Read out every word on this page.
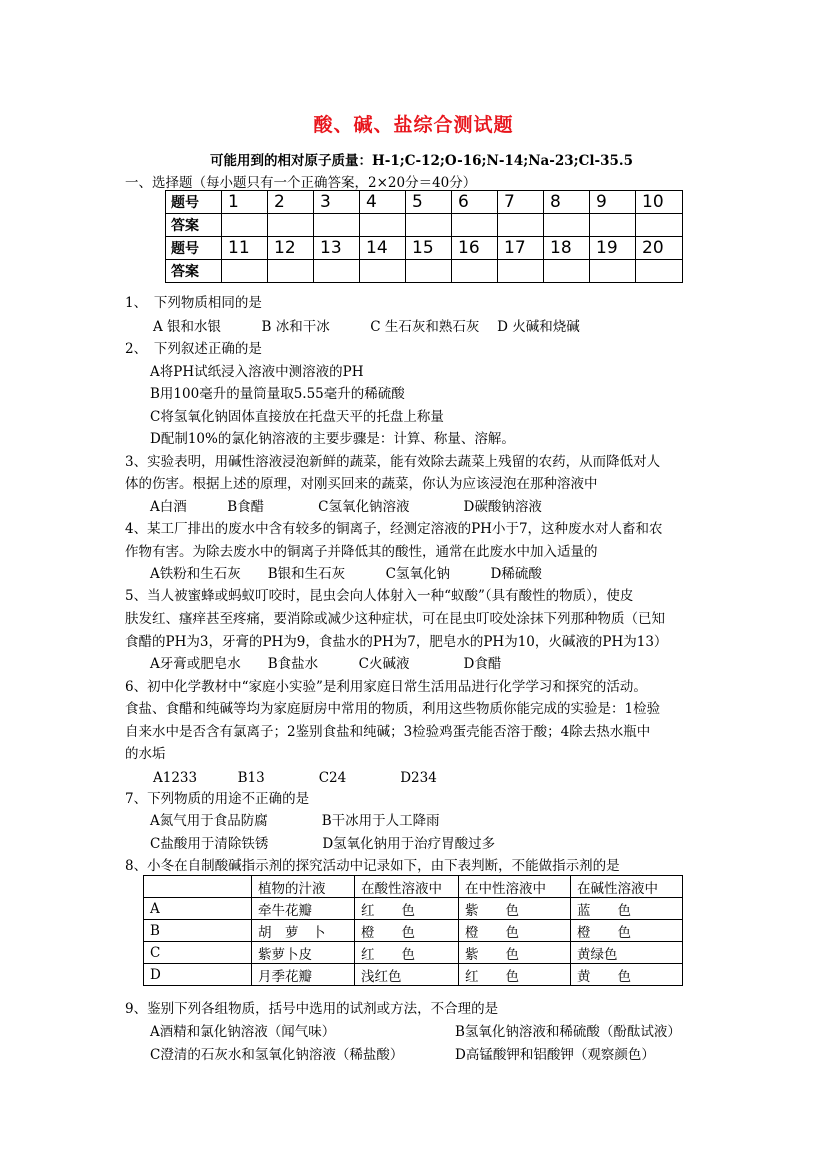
酸、碱、盐综合测试题
可能用到的相对原子质量：H-1;C-12;O-16;N-14;Na-23;Cl-35.5
一、选择题（每小题只有一个正确答案，2×20分＝40分）
题号	1	2	3	4	5	6	7	8	9	10
答案										
题号	11	12	13	14	15	16	17	18	19	20
答案										
1、　下列物质相同的是
A 银和水银　　　B 冰和干冰　　　C 生石灰和熟石灰　 D 火碱和烧碱
2、　下列叙述正确的是
A将PH试纸浸入溶液中测溶液的PH
B用100毫升的量筒量取5.55毫升的稀硫酸
C将氢氧化钠固体直接放在托盘天平的托盘上称量
D配制10%的氯化钠溶液的主要步骤是：计算、称量、溶解。
3、实验表明，用碱性溶液浸泡新鲜的蔬菜，能有效除去蔬菜上残留的农药，从而降低对人
体的伤害。根据上述的原理，对刚买回来的蔬菜，你认为应该浸泡在那种溶液中
A白酒　　　B食醋　　　　C氢氧化钠溶液　　　　D碳酸钠溶液
4、某工厂排出的废水中含有较多的铜离子，经测定溶液的PH小于7，这种废水对人畜和农
作物有害。为除去废水中的铜离子并降低其的酸性，通常在此废水中加入适量的
A铁粉和生石灰　　B银和生石灰　　　C氢氧化钠　　　D稀硫酸
5、当人被蜜蜂或蚂蚁叮咬时，昆虫会向人体射入一种“蚁酸”（具有酸性的物质），使皮
肤发红、瘙痒甚至疼痛，要消除或减少这种症状，可在昆虫叮咬处涂抹下列那种物质（已知
食醋的PH为3，牙膏的PH为9，食盐水的PH为7，肥皂水的PH为10，火碱液的PH为13）
A牙膏或肥皂水　　B食盐水　　　C火碱液　　　　D食醋
6、初中化学教材中“家庭小实验”是利用家庭日常生活用品进行化学学习和探究的活动。
食盐、食醋和纯碱等均为家庭厨房中常用的物质，利用这些物质你能完成的实验是：1检验
自来水中是否含有氯离子；2鉴别食盐和纯碱；3检验鸡蛋壳能否溶于酸；4除去热水瓶中
的水垢
A1233　　　B13　　　　C24　　　　D234
7、下列物质的用途不正确的是
A氮气用于食品防腐　　　　B干冰用于人工降雨
C盐酸用于清除铁锈　　　　D氢氧化钠用于治疗胃酸过多
8、小冬在自制酸碱指示剂的探究活动中记录如下，由下表判断，不能做指示剂的是
	植物的汁液	在酸性溶液中	在中性溶液中	在碱性溶液中
A	牵牛花瓣	红　　色	紫　　色	蓝　　色
B	胡　萝　卜	橙　　色	橙　　色	橙　　色
C	紫萝卜皮	红　　色	紫　　色	黄绿色
D	月季花瓣	浅红色	红　　色	黄　　色
9、鉴别下列各组物质，括号中选用的试剂或方法，不合理的是
A酒精和氯化钠溶液（闻气味）	B氢氧化钠溶液和稀硫酸（酚酞试液）
C澄清的石灰水和氢氧化钠溶液（稀盐酸）	D高锰酸钾和铝酸钾（观察颜色）
